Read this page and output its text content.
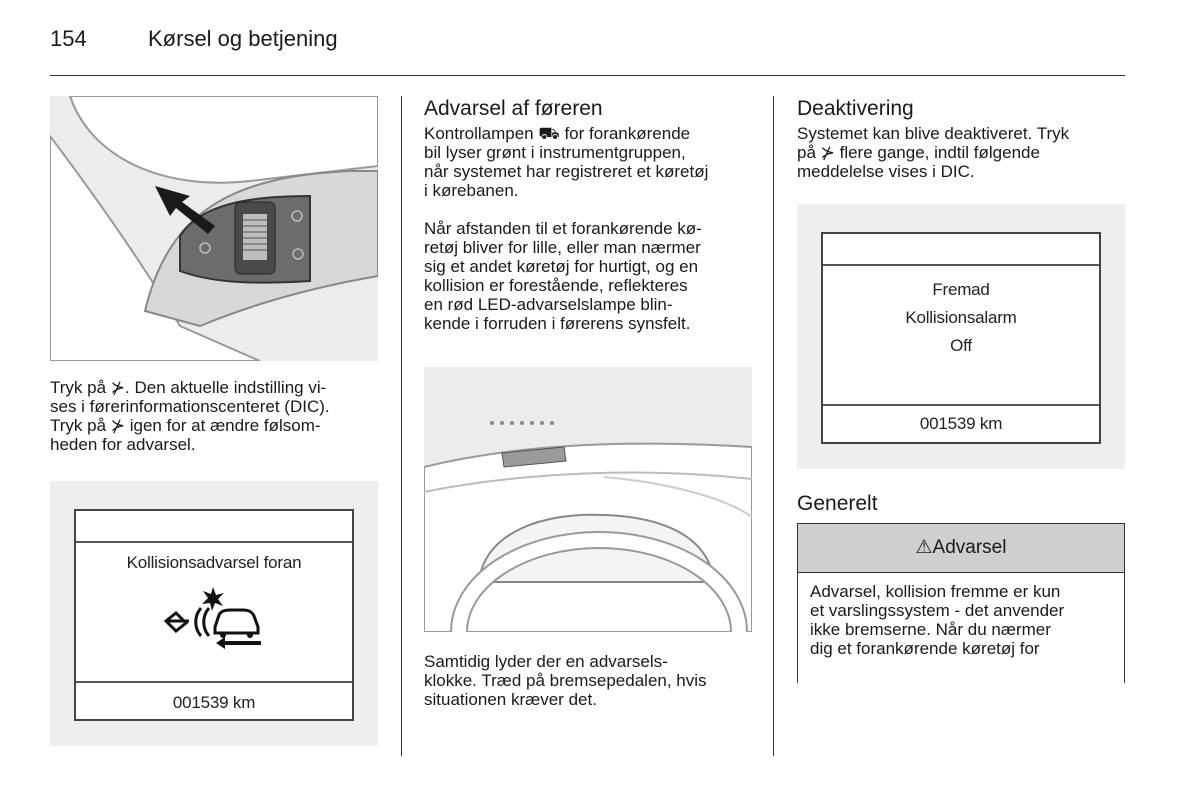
154	Kørsel og betjening
Tryk på ⊁. Den aktuelle indstilling vi-
ses i førerinformationscenteret (DIC).
Tryk på ⊁ igen for at ændre følsom-
heden for advarsel.
Kollisionsadvarsel foran
001539 km
Advarsel af føreren
Kontrollampen ⛟ for forankørende
bil lyser grønt i instrumentgruppen,
når systemet har registreret et køretøj
i kørebanen.
Når afstanden til et forankørende kø-
retøj bliver for lille, eller man nærmer
sig et andet køretøj for hurtigt, og en
kollision er forestående, reflekteres
en rød LED-advarselslampe blin-
kende i forruden i førerens synsfelt.
Samtidig lyder der en advarsels-
klokke. Træd på bremsepedalen, hvis
situationen kræver det.
Deaktivering
Systemet kan blive deaktiveret. Tryk
på ⊁ flere gange, indtil følgende
meddelelse vises i DIC.
Fremad
Kollisionsalarm
Off
001539 km
Generelt
⚠Advarsel
Advarsel, kollision fremme er kun
et varslingssystem - det anvender
ikke bremserne. Når du nærmer
dig et forankørende køretøj for
